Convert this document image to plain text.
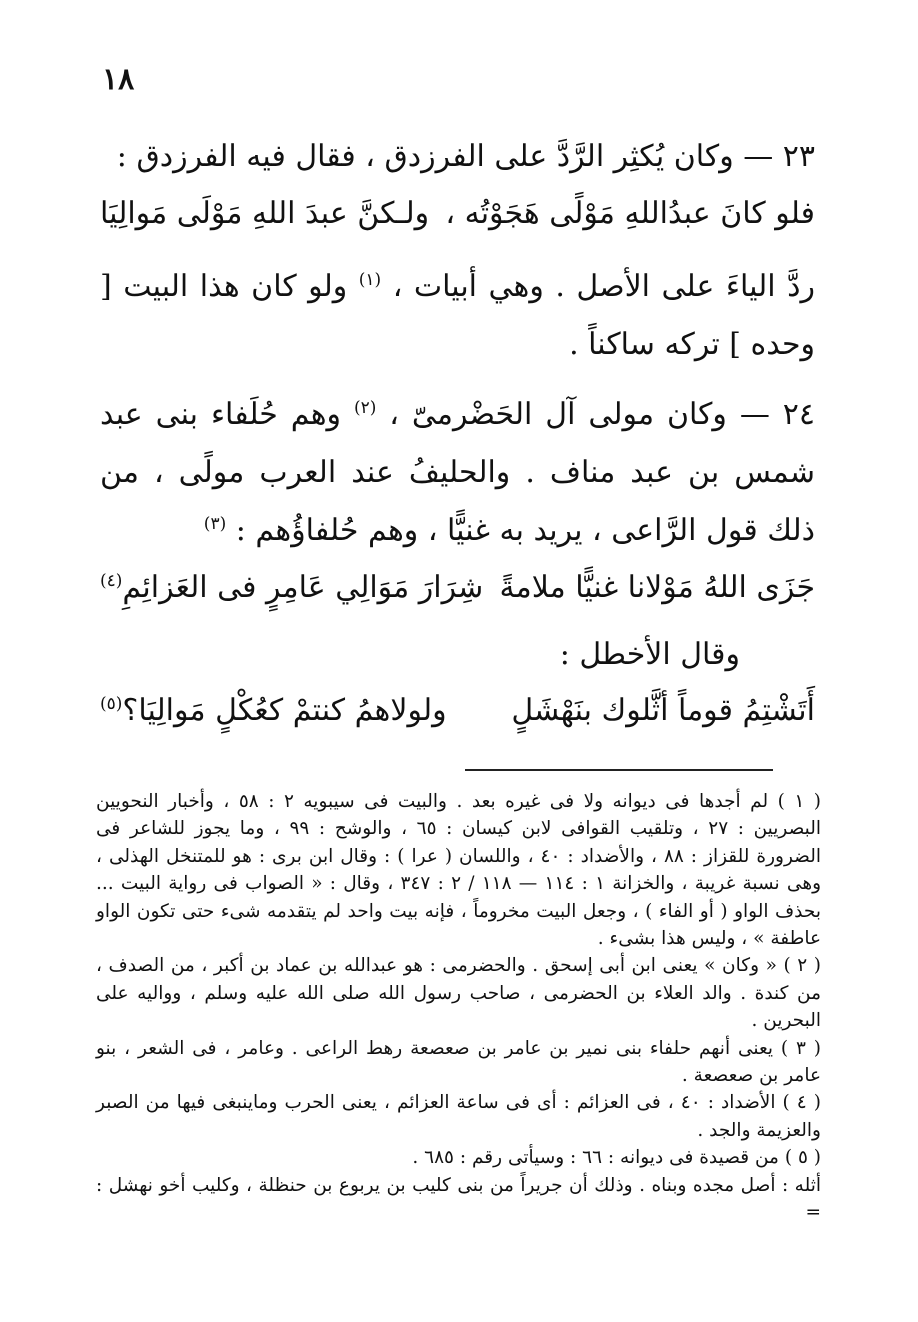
١٨
٢٣ — وكان يُكثِر الرَّدَّ على الفرزدق ، فقال فيه الفرزدق :
فلو كانَ عبدُاللهِ مَوْلًى هَجَوْتُه ،
ولـكنَّ عبدَ اللهِ مَوْلَى مَوالِيَا
ردَّ الياءَ على الأصل . وهي أبيات ، $^{(١)}$ ولو كان هذا البيت [ وحده ] تركه ساكناً .
٢٤ — وكان مولى آل الحَضْرمىّ ، $^{(٢)}$ وهم حُلَفاء بنى عبد شمس بن عبد مناف . والحليفُ عند العرب مولًى ، من ذلك قول الرَّاعى ، يريد به غنيًّا ، وهم حُلفاؤُهم : $^{(٣)}$
جَزَى اللهُ مَوْلانا غنيًّا ملامةً
شِرَارَ مَوَالِي عَامِرٍ فى العَزائِمِ$^{(٤)}$
وقال الأخطل :
أَتَشْتِمُ قوماً أثَّلوك بنَهْشَلٍ
ولولاهمُ كنتمْ كعُكْلٍ مَوالِيَا؟$^{(٥)}$

( ١ ) لم أجدها فى ديوانه ولا فى غيره بعد . والبيت فى سيبويه ٢ : ٥٨ ، وأخبار النحويين البصريين : ٢٧ ، وتلقيب القوافى لابن كيسان : ٦٥ ، والوشح : ٩٩ ، وما يجوز للشاعر فى الضرورة للقزاز : ٨٨ ، والأضداد : ٤٠ ، واللسان ( عرا ) : وقال ابن برى : هو للمتنخل الهذلى ، وهى نسبة غريبة ، والخزانة ١ : ١١٤ — ١١٨ / ٢ : ٣٤٧ ، وقال : « الصواب فى رواية البيت ... بحذف الواو ( أو الفاء ) ، وجعل البيت مخروماً ، فإنه بيت واحد لم يتقدمه شىء حتى تكون الواو عاطفة » ، وليس هذا بشىء .

( ٢ ) « وكان » يعنى ابن أبى إسحق . والحضرمى : هو عبدالله بن عماد بن أكبر ، من الصدف ، من كندة . والد العلاء بن الحضرمى ، صاحب رسول الله صلى الله عليه وسلم ، وواليه على البحرين .

( ٣ ) يعنى أنهم حلفاء بنى نمير بن عامر بن صعصعة رهط الراعى . وعامر ، فى الشعر ، بنو عامر بن صعصعة .

( ٤ ) الأضداد : ٤٠ ، فى العزائم : أى فى ساعة العزائم ، يعنى الحرب وماينبغى فيها من الصبر والعزيمة والجد .

( ٥ ) من قصيدة فى ديوانه : ٦٦ : وسيأتى رقم : ٦٨٥ .

أثله : أصل مجده وبناه . وذلك أن جريراً من بنى كليب بن يربوع بن حنظلة ، وكليب أخو نهشل : =
